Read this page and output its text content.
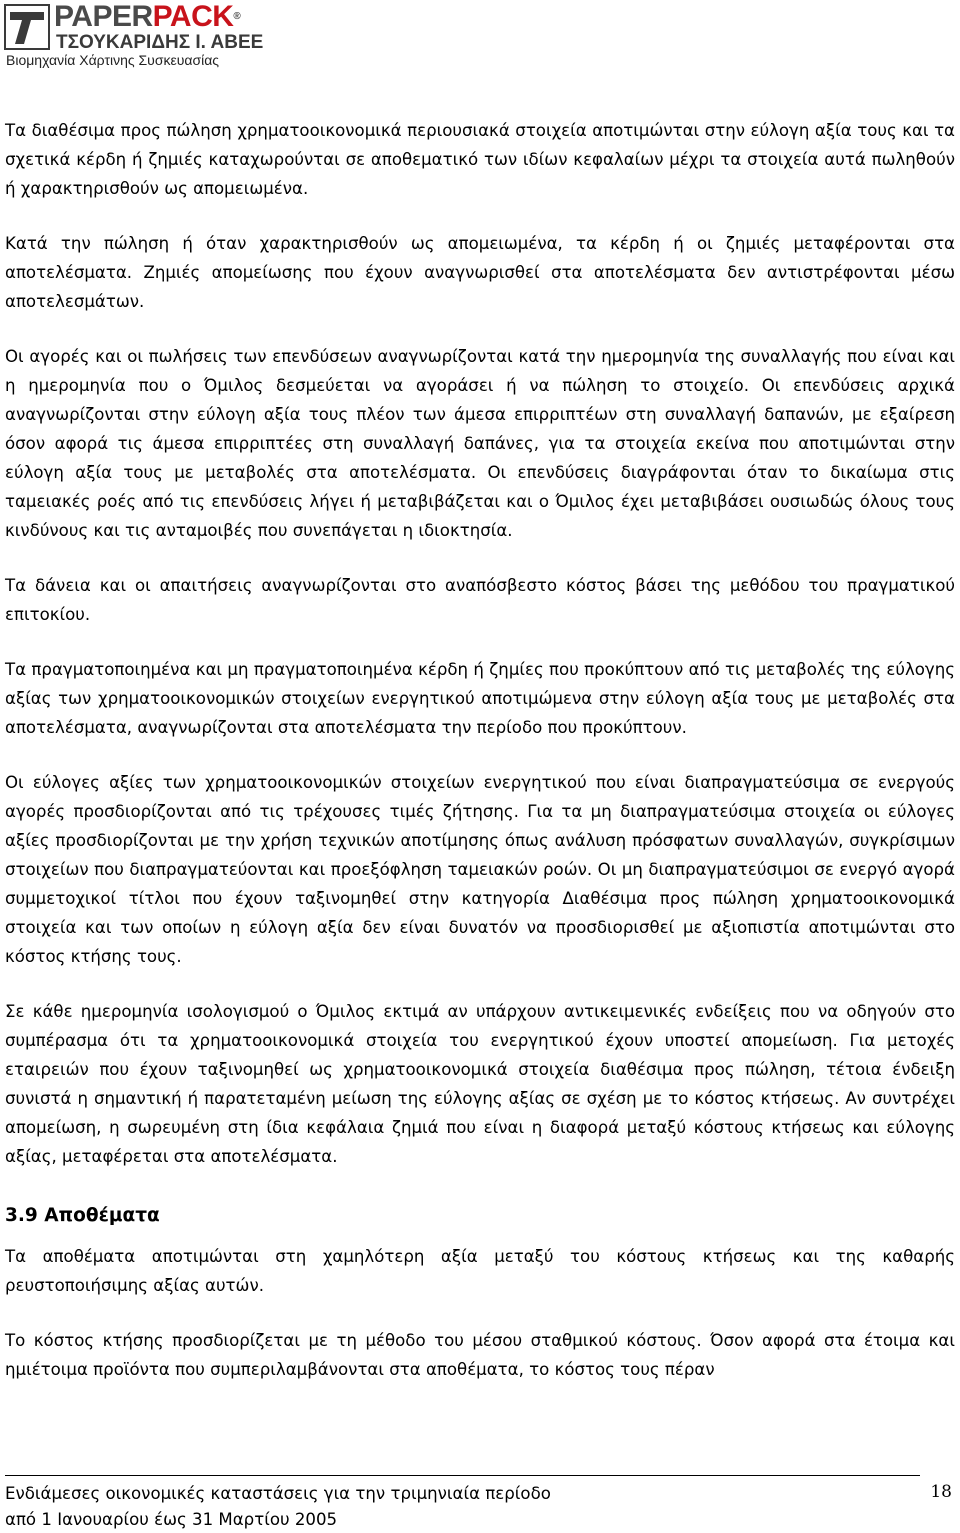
PAPERPACK®
ΤΣΟΥΚΑΡΙΔΗΣ Ι. ΑΒΕΕ
Βιομηχανία Χάρτινης Συσκευασίας

Τα διαθέσιμα προς πώληση χρηματοοικονομικά περιουσιακά στοιχεία αποτιμώνται στην εύλογη αξία τους και τα σχετικά κέρδη ή ζημιές καταχωρούνται σε αποθεματικό των ιδίων κεφαλαίων μέχρι τα στοιχεία αυτά πωληθούν ή χαρακτηρισθούν ως απομειωμένα.

Κατά την πώληση ή όταν χαρακτηρισθούν ως απομειωμένα, τα κέρδη ή οι ζημιές μεταφέρονται στα αποτελέσματα. Ζημιές απομείωσης που έχουν αναγνωρισθεί στα αποτελέσματα δεν αντιστρέφονται μέσω αποτελεσμάτων.

Οι αγορές και οι πωλήσεις των επενδύσεων αναγνωρίζονται κατά την ημερομηνία της συναλλαγής που είναι και η ημερομηνία που ο Όμιλος δεσμεύεται να αγοράσει ή να πώληση το στοιχείο. Οι επενδύσεις αρχικά αναγνωρίζονται στην εύλογη αξία τους πλέον των άμεσα επιρριπτέων στη συναλλαγή δαπανών, με εξαίρεση όσον αφορά τις άμεσα επιρριπτέες στη συναλλαγή δαπάνες, για τα στοιχεία εκείνα που αποτιμώνται στην εύλογη αξία τους με μεταβολές στα αποτελέσματα. Οι επενδύσεις διαγράφονται όταν το δικαίωμα στις ταμειακές ροές από τις επενδύσεις λήγει ή μεταβιβάζεται και ο Όμιλος έχει μεταβιβάσει ουσιωδώς όλους τους κινδύνους και τις ανταμοιβές που συνεπάγεται η ιδιοκτησία.

Τα δάνεια και οι απαιτήσεις αναγνωρίζονται στο αναπόσβεστο κόστος βάσει της μεθόδου του πραγματικού επιτοκίου.

Τα πραγματοποιημένα και μη πραγματοποιημένα κέρδη ή ζημίες που προκύπτουν από τις μεταβολές της εύλογης αξίας των χρηματοοικονομικών στοιχείων ενεργητικού αποτιμώμενα στην εύλογη αξία τους με μεταβολές στα αποτελέσματα, αναγνωρίζονται στα αποτελέσματα την περίοδο που προκύπτουν.

Οι εύλογες αξίες των χρηματοοικονομικών στοιχείων ενεργητικού που είναι διαπραγματεύσιμα σε ενεργούς αγορές προσδιορίζονται από τις τρέχουσες τιμές ζήτησης. Για τα μη διαπραγματεύσιμα στοιχεία οι εύλογες αξίες προσδιορίζονται με την χρήση τεχνικών αποτίμησης όπως ανάλυση πρόσφατων συναλλαγών, συγκρίσιμων στοιχείων που διαπραγματεύονται και προεξόφληση ταμειακών ροών. Οι μη διαπραγματεύσιμοι σε ενεργό αγορά συμμετοχικοί τίτλοι που έχουν ταξινομηθεί στην κατηγορία Διαθέσιμα προς πώληση χρηματοοικονομικά στοιχεία και των οποίων η εύλογη αξία δεν είναι δυνατόν να προσδιορισθεί με αξιοπιστία αποτιμώνται στο κόστος κτήσης τους.

Σε κάθε ημερομηνία ισολογισμού ο Όμιλος εκτιμά αν υπάρχουν αντικειμενικές ενδείξεις που να οδηγούν στο συμπέρασμα ότι τα χρηματοοικονομικά στοιχεία του ενεργητικού έχουν υποστεί απομείωση. Για μετοχές εταιρειών που έχουν ταξινομηθεί ως χρηματοοικονομικά στοιχεία διαθέσιμα προς πώληση, τέτοια ένδειξη συνιστά η σημαντική ή παρατεταμένη μείωση της εύλογης αξίας σε σχέση με το κόστος κτήσεως. Αν συντρέχει απομείωση, η σωρευμένη στη ίδια κεφάλαια ζημιά που είναι η διαφορά μεταξύ κόστους κτήσεως και εύλογης αξίας, μεταφέρεται στα αποτελέσματα.

3.9 Αποθέματα

Τα αποθέματα αποτιμώνται στη χαμηλότερη αξία μεταξύ του κόστους κτήσεως και της καθαρής ρευστοποιήσιμης αξίας αυτών.

Το κόστος κτήσης προσδιορίζεται με τη μέθοδο του μέσου σταθμικού κόστους. Όσον αφορά στα έτοιμα και ημιέτοιμα προϊόντα που συμπεριλαμβάνονται στα αποθέματα, το κόστος τους πέραν

Ενδιάμεσες οικονομικές καταστάσεις για την τριμηνιαία περίοδο
από 1 Ιανουαρίου έως 31 Μαρτίου 2005
18
